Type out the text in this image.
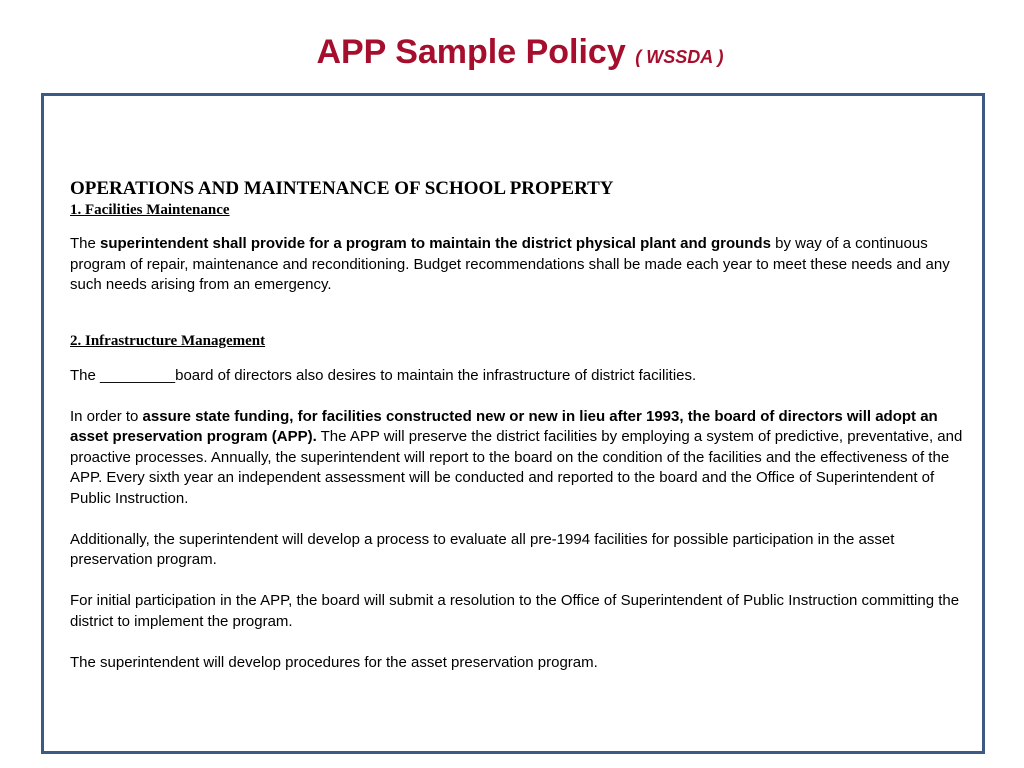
APP Sample Policy ( WSSDA )

OPERATIONS AND MAINTENANCE OF SCHOOL PROPERTY

1. Facilities Maintenance

The superintendent shall provide for a program to maintain the district physical plant and grounds by way of a continuous program of repair, maintenance and reconditioning. Budget recommendations shall be made each year to meet these needs and any such needs arising from an emergency.

2. Infrastructure Management

The _________board of directors also desires to maintain the infrastructure of district facilities.

In order to assure state funding, for facilities constructed new or new in lieu after 1993, the board of directors will adopt an asset preservation program (APP). The APP will preserve the district facilities by employing a system of predictive, preventative, and proactive processes. Annually, the superintendent will report to the board on the condition of the facilities and the effectiveness of the APP. Every sixth year an independent assessment will be conducted and reported to the board and the Office of Superintendent of Public Instruction.

Additionally, the superintendent will develop a process to evaluate all pre-1994 facilities for possible participation in the asset preservation program.

For initial participation in the APP, the board will submit a resolution to the Office of Superintendent of Public Instruction committing the district to implement the program.

The superintendent will develop procedures for the asset preservation program.
